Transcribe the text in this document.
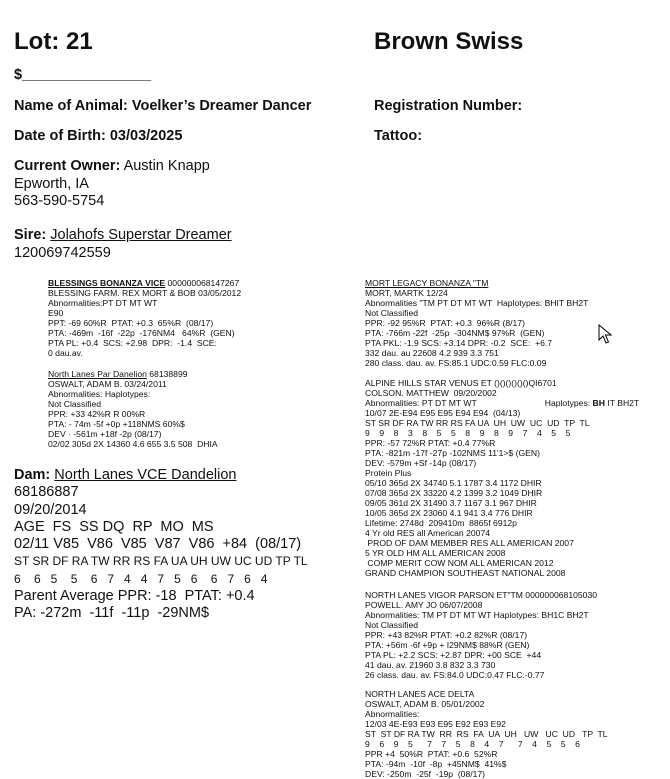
Lot: 21	Brown Swiss
$________________
Name of Animal: Voelker’s Dreamer Dancer	Registration Number:
Date of Birth: 03/03/2025	Tattoo:
Current Owner: Austin Knapp
Epworth, IA
563-590-5754
Sire: Jolahofs Superstar Dreamer
120069742559
BLESSINGS BONANZA VICE 000000068147267
BLESSING FARM. REX MORT & BOB 03/05/2012
Abnormalities:PT DT MT WT
E90
PPT: -69 60%R  PTAT: +0.3  65%R  (08/17)
PTA: -469m  -16f  -22p  -176NM4   64%R  (GEN)
PTA PL: +0.4  SCS: +2.98  DPR:  -1.4  SCE:
0 dau.av.
North Lanes Par Danelion 68138899
OSWALT, ADAM B. 03/24/2011
Abnormalities: Haplotypes:
Not Classified
PPR: +33 42%R R 00%R
PTA: - 74m -5f +0p +118NMS 60%$
DEV · -561m +18f -2p (08/17)
02/02 305d 2X 14360 4.6 655 3.5 508  DHIA
Dam: North Lanes VCE Dandelion
68186887
09/20/2014
AGE  FS  SS DQ  RP  MO  MS
02/11 V85  V86  V85  V87  V86  +84  (08/17)
ST SR DF RA TW RR RS FA UA UH UW UC UD TP TL
6    6   5    5    6   7   4   4   7   5   6    6   7   6   4
Parent Average PPR: -18  PTAT: +0.4
PA: -272m  -11f  -11p  -29NM$
MORT LEGACY BONANZA "TM
MORT, MARTK 12/24
Abnormalities "TM PT DT MT WT  Haplotypes: BHIT BH2T
Not Classified
PPR: -92 95%R  PTAT: +0.3  96%R (8/17)
PTA: -766m -22f  -25p  -304NM$ 97%R  (GEN)
PTA PKL: -1.9 SCS: +3.14 DPR: -0.2  SCE:  +6.7
332 dau. au 22608 4.2 939 3.3 751
280 class. dau. av. FS:85.1 UDC:0.59 FLC:0.09
ALPINE HILLS STAR VENUS ET ()()()()()()QI6701
COLSON. MATTHEW  09/20/2002
Abnormalities: PT DT MT WT	Haplotypes: BH IT BH2T
10/07 2E-E94 E95 E95 E94 E94  (04/13)
ST SR DF RA TW RR RS FA UA  UH  UW  UC  UD  TP  TL
9    9    8    3    8    5    5    8    9    8    9    7    4    5    5
PPR: -57 72%R PTAT: +0.4 77%R
PTA: -821m -17f -27p -102NMS 11'1>$ (GEN)
DEV: -579m +Sf -14p (08/17)
Protein Plus
05/10 365d 2X 34740 5.1 1787 3.4 1172 DHIR
07/08 365d 2X 33220 4.2 1399 3.2 1049 DHIR
09/05 361d 2X 31490 3.7 1167 3.1 967 DHIR
10/05 365d 2X 23060 4.1 941 3.4 776 DHIR
Lifetime: 2748d  209410m  8865f 6912p
4 Yr old RES all American 20074
PROD OF DAM MEMBER RES ALL AMERICAN 2007
5 YR OLD HM ALL AMERICAN 2008
COMP MERIT COW NOM ALL AMERICAN 2012
GRAND CHAMPION SOUTHEAST NATIONAL 2008
NORTH LANES VIGOR PARSON ET"TM 000000068105030
POWELL. AMY JO 06/07/2008
Abnormalities: TM PT DT MT WT Haplotypes: BH1C BH2T
Not Classified
PPR: +43 82%R PTAT: +0.2 82%R (08/17)
PTA: +56m -6f +9p + I29NM$ 88%R (GEN)
PTA PL: +2.2 SCS: +2.87 DPR: +00 SCE  +44
41 dau. av. 21960 3.8 832 3.3 730
26 class. dau. av. FS:84.0 UDC:0.47 FLC:-0.77
NORTH LANES ACE DELTA
OSWALT, ADAM B. 05/01/2002
Abnormalities:
12/03 4E-E93 E93 E95 E92 E93 E92
ST  ST DF RA TW  RR  RS  FA  UA  UH   UW   UC  UD   TP  TL
9    6    9    5      7    7    5    8    4    7      7    4    5    5    6
PPR +4  50%R  PTAT: +0.6  52%R
PTA: -94m  -10f  -8p  +45NM$  41%$
DEV: -250m  -25f  -19p  (08/17)
